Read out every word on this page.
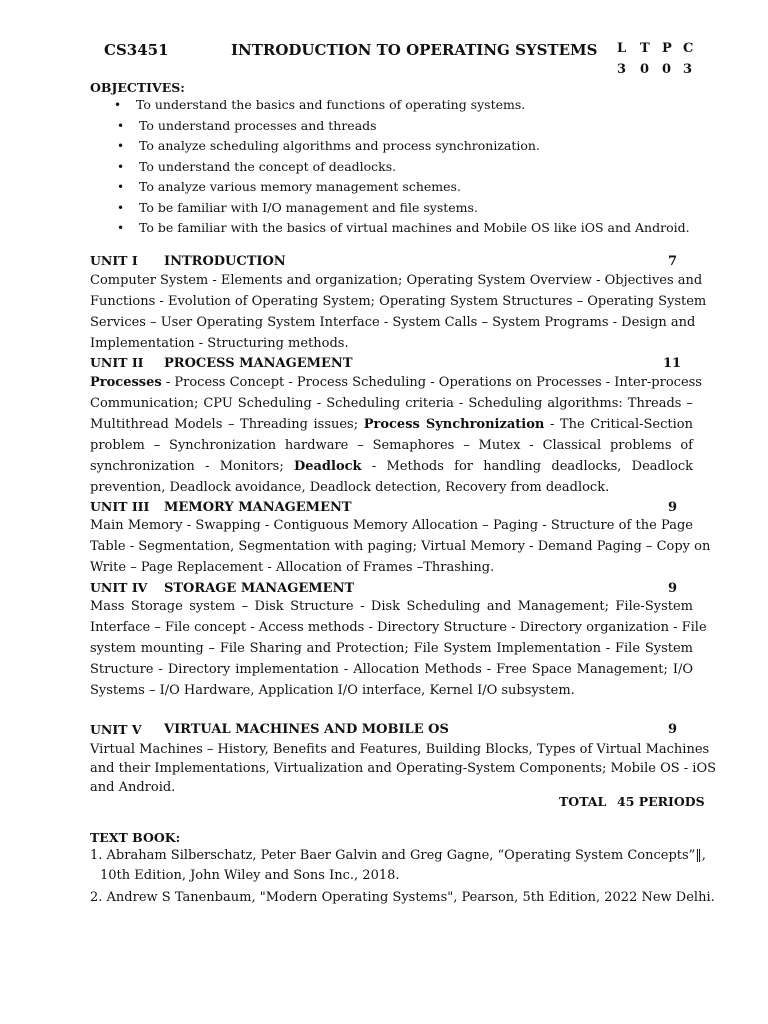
CS3451	INTRODUCTION TO OPERATING SYSTEMS L T P C
3 0 0 3
OBJECTIVES:
• To understand the basics and functions of operating systems.
• To understand processes and threads
• To analyze scheduling algorithms and process synchronization.
• To understand the concept of deadlocks.
• To analyze various memory management schemes.
• To be familiar with I/O management and file systems.
• To be familiar with the basics of virtual machines and Mobile OS like iOS and Android.
UNIT I INTRODUCTION	7
Computer System - Elements and organization; Operating System Overview - Objectives and
Functions - Evolution of Operating System; Operating System Structures – Operating System
Services – User Operating System Interface - System Calls – System Programs - Design and
Implementation - Structuring methods.
UNIT II PROCESS MANAGEMENT	11
Processes - Process Concept - Process Scheduling - Operations on Processes - Inter-process
Communication; CPU Scheduling - Scheduling criteria - Scheduling algorithms: Threads –
Multithread Models – Threading issues; Process Synchronization - The Critical-Section
problem – Synchronization hardware – Semaphores – Mutex - Classical problems of
synchronization - Monitors; Deadlock - Methods for handling deadlocks, Deadlock
prevention, Deadlock avoidance, Deadlock detection, Recovery from deadlock.
UNIT III MEMORY MANAGEMENT	9
Main Memory - Swapping - Contiguous Memory Allocation – Paging - Structure of the Page
Table - Segmentation, Segmentation with paging; Virtual Memory - Demand Paging – Copy on
Write – Page Replacement - Allocation of Frames –Thrashing.
UNIT IV STORAGE MANAGEMENT	9
Mass Storage system – Disk Structure - Disk Scheduling and Management; File-System
Interface – File concept - Access methods - Directory Structure - Directory organization - File
system mounting – File Sharing and Protection; File System Implementation - File System
Structure - Directory implementation - Allocation Methods - Free Space Management; I/O
Systems – I/O Hardware, Application I/O interface, Kernel I/O subsystem.
UNIT V VIRTUAL MACHINES AND MOBILE OS	9
Virtual Machines – History, Benefits and Features, Building Blocks, Types of Virtual Machines
and their Implementations, Virtualization and Operating-System Components; Mobile OS - iOS
and Android.
TOTAL 45 PERIODS
TEXT BOOK:
1. Abraham Silberschatz, Peter Baer Galvin and Greg Gagne, “Operating System Concepts”‖,
10th Edition, John Wiley and Sons Inc., 2018.
2. Andrew S Tanenbaum, "Modern Operating Systems", Pearson, 5th Edition, 2022 New Delhi.
